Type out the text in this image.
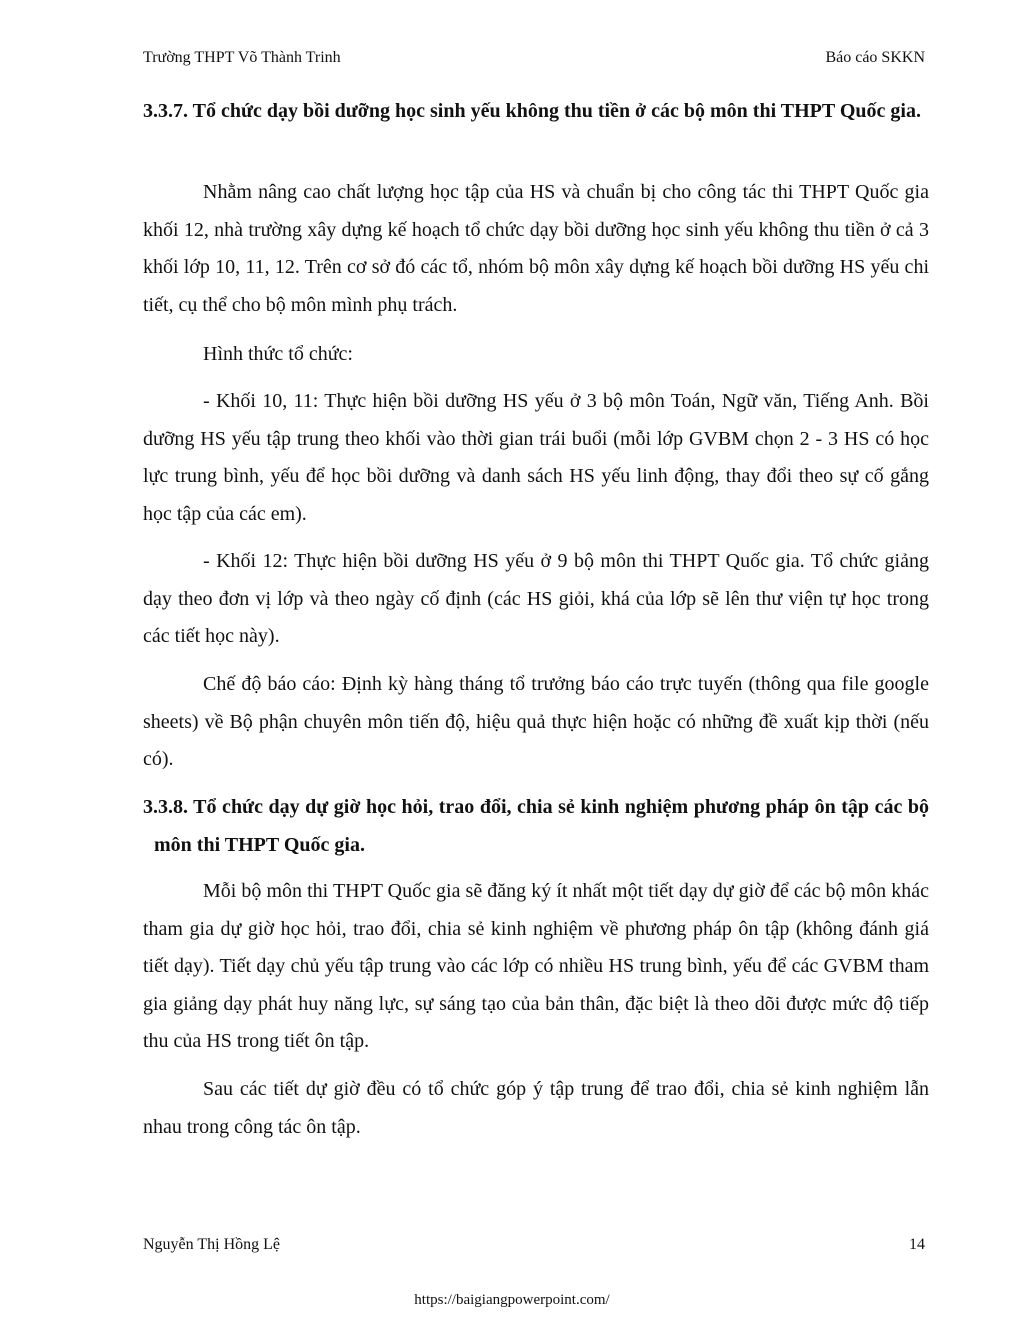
Trường THPT Võ Thành Trinh	Báo cáo SKKN
3.3.7. Tổ chức dạy bồi dưỡng học sinh yếu không thu tiền ở các bộ môn thi THPT Quốc gia.

Nhằm nâng cao chất lượng học tập của HS và chuẩn bị cho công tác thi THPT Quốc gia khối 12, nhà trường xây dựng kế hoạch tổ chức dạy bồi dưỡng học sinh yếu không thu tiền ở cả 3 khối lớp 10, 11, 12. Trên cơ sở đó các tổ, nhóm bộ môn xây dựng kế hoạch bồi dưỡng HS yếu chi tiết, cụ thể cho bộ môn mình phụ trách.

Hình thức tổ chức:

- Khối 10, 11: Thực hiện bồi dưỡng HS yếu ở 3 bộ môn Toán, Ngữ văn, Tiếng Anh. Bồi dưỡng HS yếu tập trung theo khối vào thời gian trái buổi (mỗi lớp GVBM chọn 2 - 3 HS có học lực trung bình, yếu để học bồi dưỡng và danh sách HS yếu linh động, thay đổi theo sự cố gắng học tập của các em).

- Khối 12: Thực hiện bồi dưỡng HS yếu ở 9 bộ môn thi THPT Quốc gia. Tổ chức giảng dạy theo đơn vị lớp và theo ngày cố định (các HS giỏi, khá của lớp sẽ lên thư viện tự học trong các tiết học này).

Chế độ báo cáo: Định kỳ hàng tháng tổ trưởng báo cáo trực tuyến (thông qua file google sheets) về Bộ phận chuyên môn tiến độ, hiệu quả thực hiện hoặc có những đề xuất kịp thời (nếu có).

3.3.8. Tổ chức dạy dự giờ học hỏi, trao đổi, chia sẻ kinh nghiệm phương pháp ôn tập các bộ môn thi THPT Quốc gia.

Mỗi bộ môn thi THPT Quốc gia sẽ đăng ký ít nhất một tiết dạy dự giờ để các bộ môn khác tham gia dự giờ học hỏi, trao đổi, chia sẻ kinh nghiệm về phương pháp ôn tập (không đánh giá tiết dạy). Tiết dạy chủ yếu tập trung vào các lớp có nhiều HS trung bình, yếu để các GVBM tham gia giảng dạy phát huy năng lực, sự sáng tạo của bản thân, đặc biệt là theo dõi được mức độ tiếp thu của HS trong tiết ôn tập.

Sau các tiết dự giờ đều có tổ chức góp ý tập trung để trao đổi, chia sẻ kinh nghiệm lẫn nhau trong công tác ôn tập.

Nguyễn Thị Hồng Lệ	14
https://baigiangpowerpoint.com/
